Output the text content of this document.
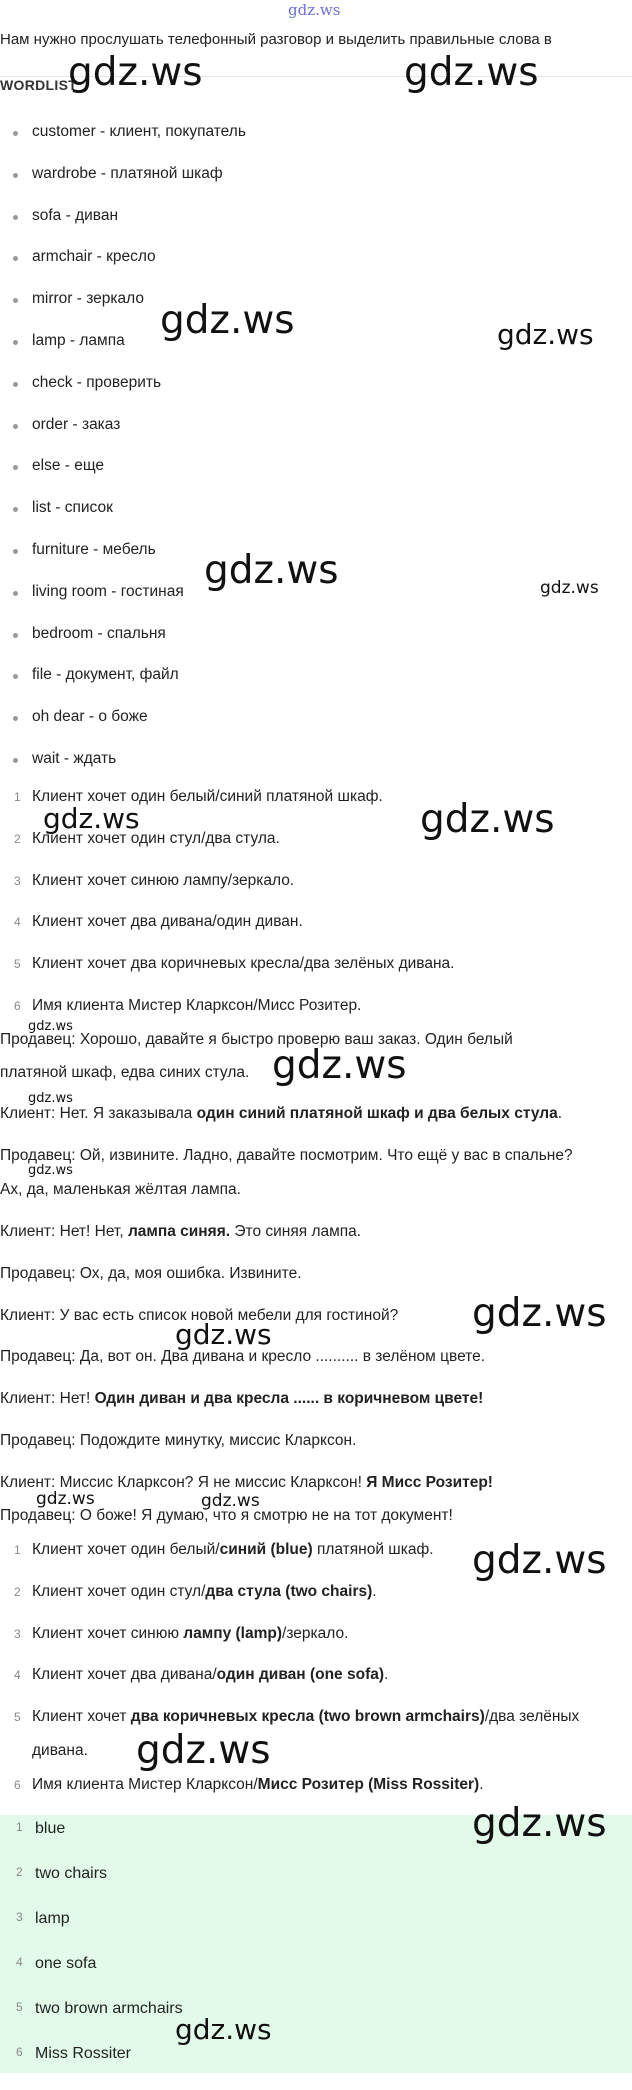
gdz.ws
Нам нужно прослушать телефонный разговор и выделить правильные слова в
WORDLIST
customer - клиент, покупатель
wardrobe - платяной шкаф
sofa - диван
armchair - кресло
mirror - зеркало
lamp - лампа
check - проверить
order - заказ
else - еще
list - список
furniture - мебель
living room - гостиная
bedroom - спальня
file - документ, файл
oh dear - о боже
wait - ждать
1 Клиент хочет один белый/синий платяной шкаф.
2 Клиент хочет один стул/два стула.
3 Клиент хочет синюю лампу/зеркало.
4 Клиент хочет два дивана/один диван.
5 Клиент хочет два коричневых кресла/два зелёных дивана.
6 Имя клиента Мистер Кларксон/Мисс Розитер.
Продавец: Хорошо, давайте я быстро проверю ваш заказ. Один белый
платяной шкаф, едва синих стула.
Клиент: Нет. Я заказывала один синий платяной шкаф и два белых стула.
Продавец: Ой, извините. Ладно, давайте посмотрим. Что ещё у вас в спальне?
Ах, да, маленькая жёлтая лампа.
Клиент: Нет! Нет, лампа синяя. Это синяя лампа.
Продавец: Ох, да, моя ошибка. Извините.
Клиент: У вас есть список новой мебели для гостиной?
Продавец: Да, вот он. Два дивана и кресло .......... в зелёном цвете.
Клиент: Нет! Один диван и два кресла ...... в коричневом цвете!
Продавец: Подождите минутку, миссис Кларксон.
Клиент: Миссис Кларксон? Я не миссис Кларксон! Я Мисс Розитер!
Продавец: О боже! Я думаю, что я смотрю не на тот документ!
1 Клиент хочет один белый/синий (blue) платяной шкаф.
2 Клиент хочет один стул/два стула (two chairs).
3 Клиент хочет синюю лампу (lamp)/зеркало.
4 Клиент хочет два дивана/один диван (one sofa).
5 Клиент хочет два коричневых кресла (two brown armchairs)/два зелёных дивана.
6 Имя клиента Мистер Кларксон/Мисс Розитер (Miss Rossiter).
1 blue
2 two chairs
3 lamp
4 one sofa
5 two brown armchairs
6 Miss Rossiter
gdz.ws	gdz.ws
gdz.ws	gdz.ws
gdz.ws	gdz.ws
gdz.ws	gdz.ws
gdz.ws
gdz.ws
gdz.ws
gdz.ws
gdz.ws
gdz.ws
gdz.ws	gdz.ws
gdz.ws
gdz.ws
gdz.ws
gdz.ws
